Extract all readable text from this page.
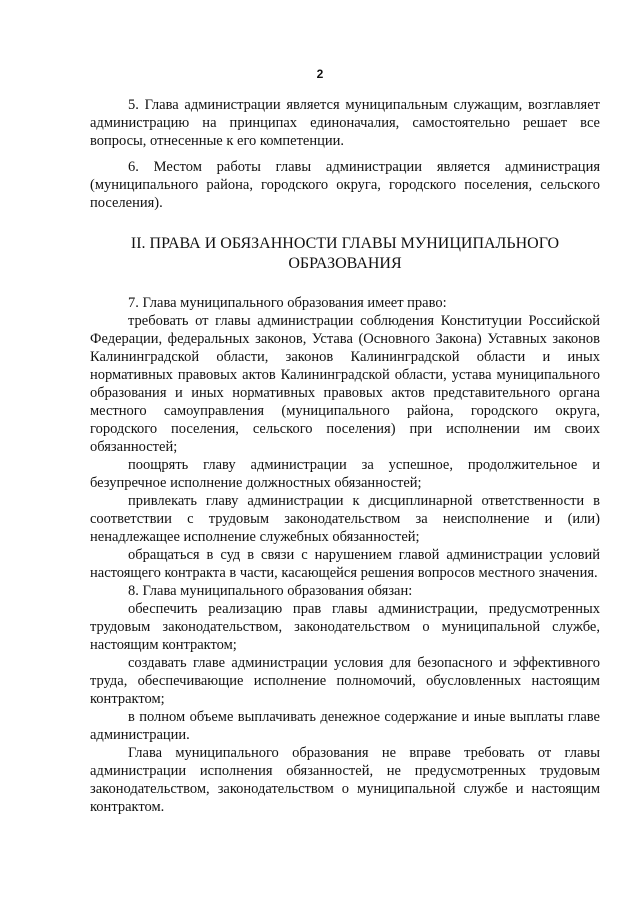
2

5. Глава администрации является муниципальным служащим, возглавляет администрацию на принципах единоначалия, самостоятельно решает все вопросы, отнесенные к его компетенции.

6. Местом работы главы администрации является администрация (муниципального района, городского округа, городского поселения, сельского поселения).

II. ПРАВА И ОБЯЗАННОСТИ ГЛАВЫ МУНИЦИПАЛЬНОГО ОБРАЗОВАНИЯ

7. Глава муниципального образования имеет право:

требовать от главы администрации соблюдения Конституции Российской Федерации, федеральных законов, Устава (Основного Закона) Уставных законов Калининградской области, законов Калининградской области и иных нормативных правовых актов Калининградской области, устава муниципального образования и иных нормативных правовых актов представительного органа местного самоуправления (муниципального района, городского округа, городского поселения, сельского поселения) при исполнении им своих обязанностей;

поощрять главу администрации за успешное, продолжительное и безупречное исполнение должностных обязанностей;

привлекать главу администрации к дисциплинарной ответственности в соответствии с трудовым законодательством за неисполнение и (или) ненадлежащее исполнение служебных обязанностей;

обращаться в суд в связи с нарушением главой администрации условий настоящего контракта в части, касающейся решения вопросов местного значения.

8. Глава муниципального образования обязан:

обеспечить реализацию прав главы администрации, предусмотренных трудовым законодательством, законодательством о муниципальной службе, настоящим контрактом;

создавать главе администрации условия для безопасного и эффективного труда, обеспечивающие исполнение полномочий, обусловленных настоящим контрактом;

в полном объеме выплачивать денежное содержание и иные выплаты главе администрации.

Глава муниципального образования не вправе требовать от главы администрации исполнения обязанностей, не предусмотренных трудовым законодательством, законодательством о муниципальной службе и настоящим контрактом.
